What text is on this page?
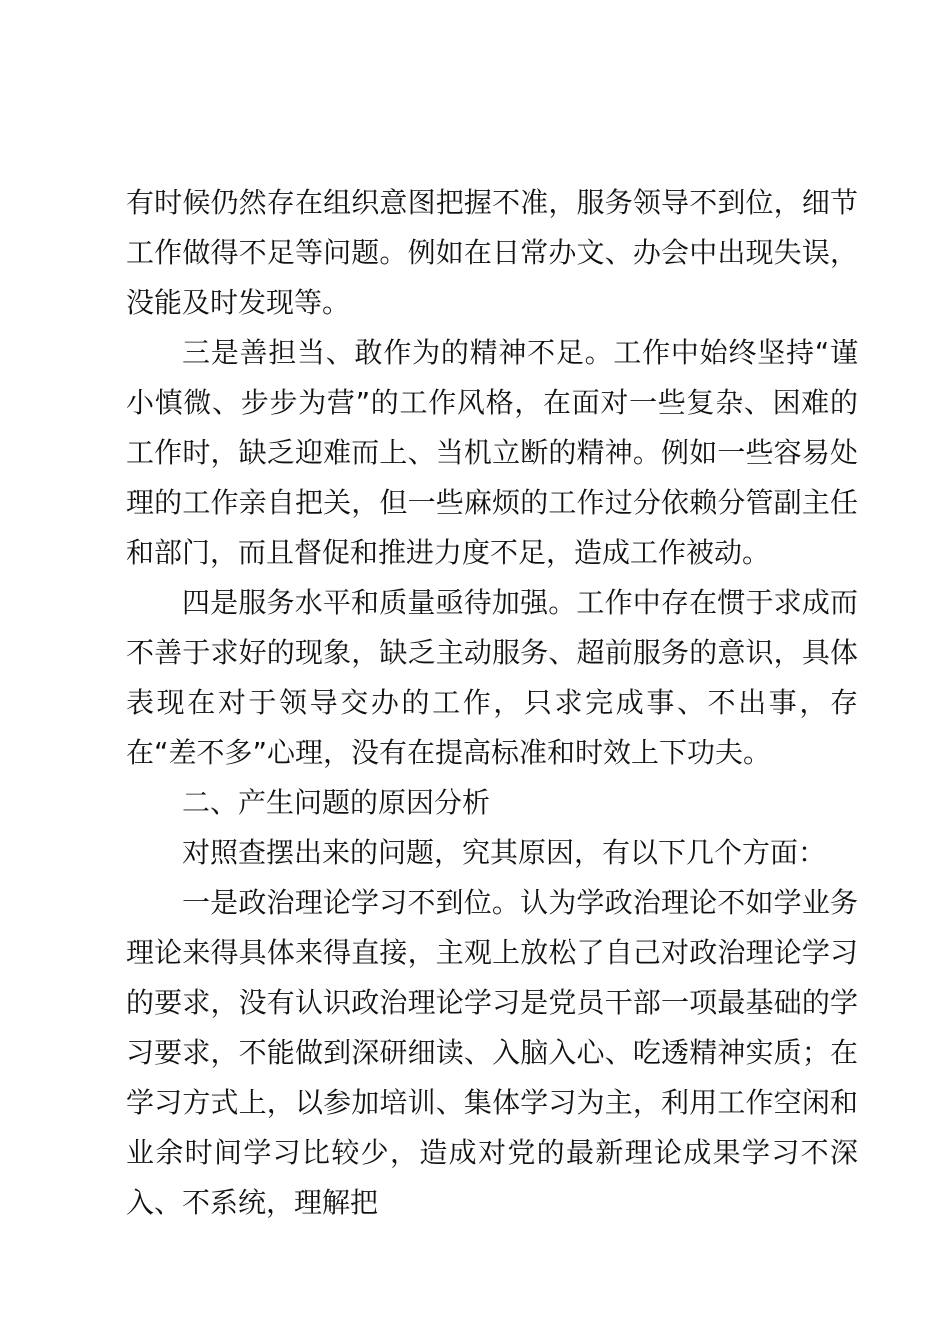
有时候仍然存在组织意图把握不准，服务领导不到位，细节工作做得不足等问题。例如在日常办文、办会中出现失误，没能及时发现等。

三是善担当、敢作为的精神不足。工作中始终坚持“谨小慎微、步步为营”的工作风格，在面对一些复杂、困难的工作时，缺乏迎难而上、当机立断的精神。例如一些容易处理的工作亲自把关，但一些麻烦的工作过分依赖分管副主任和部门，而且督促和推进力度不足，造成工作被动。

四是服务水平和质量亟待加强。工作中存在惯于求成而不善于求好的现象，缺乏主动服务、超前服务的意识，具体表现在对于领导交办的工作，只求完成事、不出事，存在“差不多”心理，没有在提高标准和时效上下功夫。

二、产生问题的原因分析

对照查摆出来的问题，究其原因，有以下几个方面：

一是政治理论学习不到位。认为学政治理论不如学业务理论来得具体来得直接，主观上放松了自己对政治理论学习的要求，没有认识政治理论学习是党员干部一项最基础的学习要求，不能做到深研细读、入脑入心、吃透精神实质；在学习方式上，以参加培训、集体学习为主，利用工作空闲和业余时间学习比较少，造成对党的最新理论成果学习不深入、不系统，理解把
